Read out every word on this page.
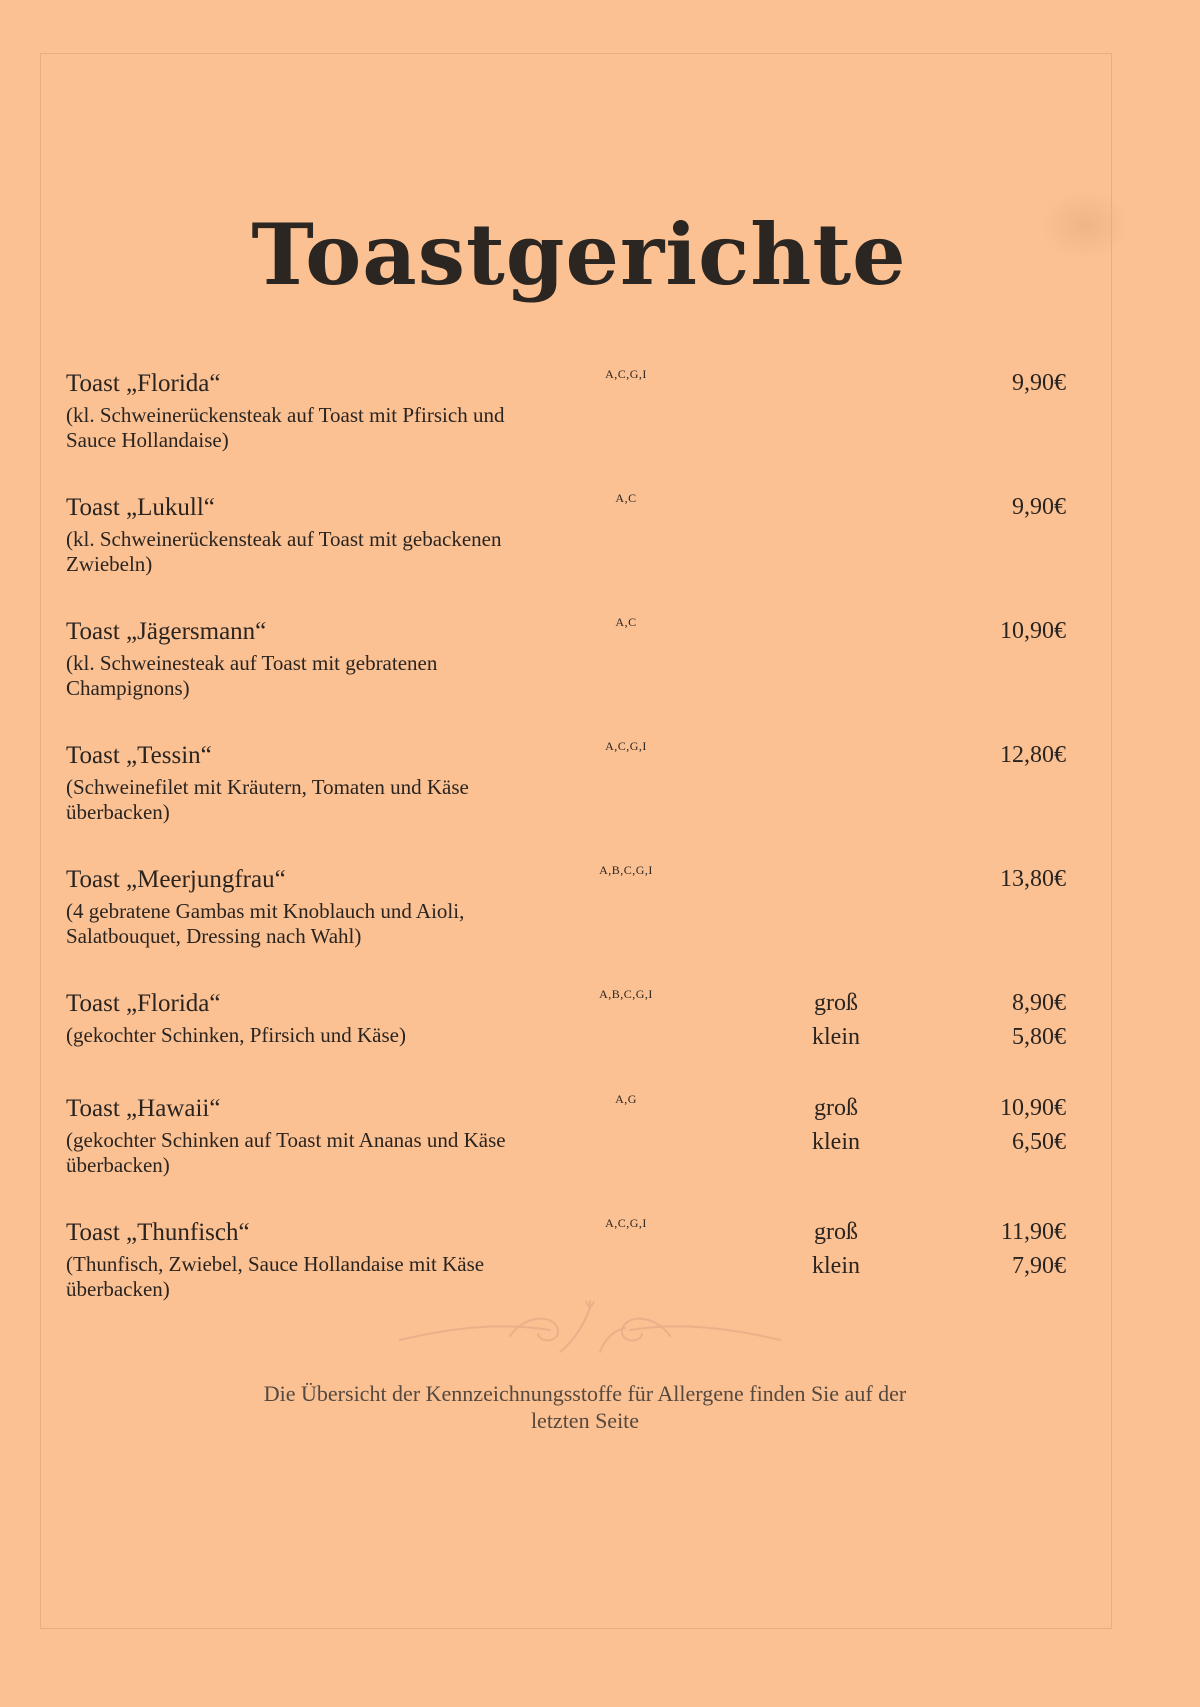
Toastgerichte
Toast „Florida“
(kl. Schweinerückensteak auf Toast mit Pfirsich und Sauce Hollandaise)
A,C,G,I	9,90€
Toast „Lukull“
(kl. Schweinerückensteak auf Toast mit gebackenen Zwiebeln)
A,C	9,90€
Toast „Jägersmann“
(kl. Schweinesteak auf Toast mit gebratenen Champignons)
A,C	10,90€
Toast „Tessin“
(Schweinefilet mit Kräutern, Tomaten und Käse überbacken)
A,C,G,I	12,80€
Toast „Meerjungfrau“
(4 gebratene Gambas mit Knoblauch und Aioli, Salatbouquet, Dressing nach Wahl)
A,B,C,G,I	13,80€
Toast „Florida“
(gekochter Schinken, Pfirsich und Käse)
A,B,C,G,I	groß	8,90€
klein	5,80€
Toast „Hawaii“
(gekochter Schinken auf Toast mit Ananas und Käse überbacken)
A,G	groß	10,90€
klein	6,50€
Toast „Thunfisch“
(Thunfisch, Zwiebel, Sauce Hollandaise mit Käse überbacken)
A,C,G,I	groß	11,90€
klein	7,90€
Die Übersicht der Kennzeichnungsstoffe für Allergene finden Sie auf der
letzten Seite
